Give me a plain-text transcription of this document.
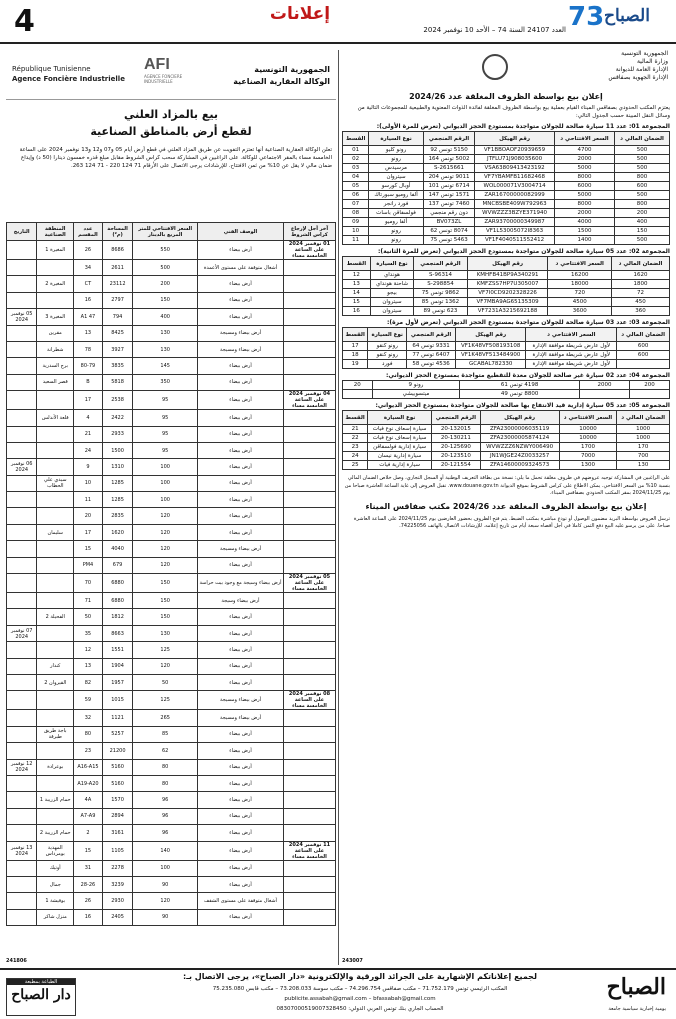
4	إعلانات
العدد 24107 السنة 74 – الأحد 10 نوفمبر 2024 73 الصباح
République Tunisienne
Agence Foncière Industrielle
AFI
AGENCE FONCIERE INDUSTRIELLE
الجمهورية التونسية
الوكالة العقارية الصناعية
بيع بالمزاد العلني
لقطع أرض بالمناطق الصناعية
تعلن الوكالة العقارية الصناعية أنها تعتزم التفويت عن طريق المزاد العلني في قطع أرض أيام 05 و07 و12 و13 نوفمبر 2024 على الساعة الخامسة مساء بالمقر الاجتماعي للوكالة. على الراغبين في المشاركة سحب كراس الشروط مقابل مبلغ قدره خمسون دينارا (50 د) وإيداع ضمان مالي لا يقل عن 10% من ثمن الافتتاح. للإرشادات يرجى الاتصال على الأرقام 71 124 220 - 71 124 263.
آخر أجل لإرجاع كراس الشروط	الوصف الفني	السعر الافتتاحي للمتر المربع بالدينار	المساحة (م²)	عدد المقسم	المنطقة الصناعية	التاريخ
01 نوفمبر 2024 على الساعة الخامسة مساء	أرض بيضاء	550	8686	26	المغيرة 1	
	أشغال متوقفة على مستوى الأعمدة	500	2611	34		
	أرض بيضاء	200	23112	CT	المغيرة 2	
	أرض بيضاء	150	2797	16		
	أرض بيضاء	400	794	47 A1	المغيرة 3	05 نوفمبر 2024
	أرض بيضاء ومسيجة	130	8425	13	مقرين	
	أرض بيضاء ومسيجة	130	3927	78	شطرانة	
	أرض بيضاء	145	3835	80-79	برج السدرية	
	أرض بيضاء	350	5818	B	قصر السعيد	
04 نوفمبر 2024 على الساعة الخامسة مساء	أرض بيضاء	95	2538	17		
	أرض بيضاء	95	2422	4	قلعة الأندلس	
	أرض بيضاء	95	2933	21		
	أرض بيضاء	95	1500	24		
	أرض بيضاء	100	1310	9		06 نوفمبر 2024
	أرض بيضاء	100	1285	10	سيدي علي الحطاب	
	أرض بيضاء	100	1285	11		
	أرض بيضاء	120	2835	20		
	أرض بيضاء	120	1620	17	سليمان	
	أرض بيضاء ومسيجة	120	4040	15		
	أرض بيضاء	120	679	PM4		
05 نوفمبر 2024 على الساعة الخامسة مساء	أرض بيضاء وسيجة مع وجود بيت حراسة	150	6880	70		
	أرض بيضاء وسيجة	150	6880	71		
	أرض بيضاء	150	1812	50	الفحيلة 2	
	أرض بيضاء	130	8663	35		07 نوفمبر 2024
	أرض بيضاء	125	1551	12		
	أرض بيضاء	120	1904	13	كندار	
	أرض بيضاء	50	1957	82	القيروان 2	
08 نوفمبر 2024 على الساعة الخامسة مساء	أرض بيضاء ومسيجة	125	1015	59		
	أرض بيضاء ومسيجة	265	1121	32		
	أرض بيضاء	85	5257	80	باجة طريق طبرقة	
	أرض بيضاء	62	21200	23		
	أرض بيضاء	80	5160	A16-A15	بوعرادة	12 نوفمبر 2024
	أرض بيضاء	80	5160	A19-A20		
	أرض بيضاء	96	1570	4A	حمام الزريبة 1	
	أرض بيضاء	96	2894	A7-A9		
	أرض بيضاء	96	3161	2	حمام الزريبة 2	
11 نوفمبر 2024 على الساعة الخامسة مساء	أرض بيضاء	140	1105	15	المهدية بومرداس	13 نوفمبر 2024
	أرض بيضاء	100	2278	31	أوتيك	
	أرض بيضاء	90	3239	28-26	جمال	
	أشغال متوقفة على مستوى الشقف	120	2930	26	بوفيشة 1	
	أرض بيضاء	90	2405	16	منزل شاكر	
241806
الجمهورية التونسية
وزارة المالية
الإدارة العامة للديوانة
الإدارة الجهوية بصفاقس
إعلان بيع بواسطة الظروف المغلقة عدد 2024/26
يعتزم المكتب الحدودي بصفاقس الميناء القيام بعملية بيع بواسطة الظروف المغلقة لفائدة الذوات المعنوية والطبيعية للمجموعات التالية من وسائل النقل المبينة حسب الجدول التالي:
المجموعة 01: عدد 11 سيارة صالحة للجولان متواجدة بمستودع الحجز الديواني (تعرض للمرة الأولى):
الضمان المالي د	السعر الافتتاحي د	رقم الهيكل	الرقم المنجمي	نوع السيارة	القسط
500	4700	VF1BBOAOF20939659	5150 تونس 92	رونو كليو	01
500	2000	JTFLU71J908035600	5002 تونس 164	رونو	02
500	5000	VSA63809413423192	S-2615661	مرسيدس	03
800	8000	VF7YBAMFB11682468	9011 تونس 204	سيتروان	04
600	6000	WOL000071V3004714	6714 تونس 101	أوبال كورسو	05
500	5000	ZAR16700000082999	1571 تونس 147	ألفا روميو سبورتاك	06
800	8000	MNCBSBE409W792963	7460 تونس 137	فورد رانجر	07
200	2000	WVWZZZ3BZYE371940	دون رقم منجمي	فولسفاقن باسات	08
400	4000	ZAR93700000349987	BV073ZL	ألفا روميو	09
150	1500	VF1L53005072I8363	8074 تونس 62	رونو	10
500	1400	VF1F4040511552412	5463 تونس 75	رونو	11
المجموعة 02: عدد 05 سيارة صالحة للجولان متواجدة بمستودع الحجز الديواني (تعرض للمرة الثانية):
الضمان المالي د	السعر الافتتاحي د	رقم الهيكل	الرقم المنجمي	نوع السيارة	القسط
1620	16200	KMHFB41BP9A340291	S-96314	هونداي	12
1800	18000	KMFZSS7HP7U305007	S-298854	شاحنة هونداي	13
72	720	VF7I0CD9202328226	9862 تونس 75	بيجو	14
450	4500	VF7MBA9AG65135309	1362 تونس 85	سيتروان	15
360	3600	VF7231A3215692188	623 تونس 89	سيتروان	16
المجموعة 03: عدد 03 سيارة صالحة للجولان متواجدة بمستودع الحجز الديواني (تعرض لأول مرة):
الضمان المالي د	السعر الافتتاحي د	رقم الهيكل	الرقم المنجمي	نوع السيارة	القسط
600	لأول عارض شريطة موافقة الإدارة	VF1K48VF508193108	9331 تونس 64	رونو كنقو	17
600	لأول عارض شريطة موافقة الإدارة	VF1K48VF513484900	6407 تونس 77	رونو كنقو	18
	لأول عارض شريطة موافقة الإدارة	GCABAL782330	4536 تونس 58	فورد	19
المجموعة 04: عدد 02 سيارة غير صالحة للجولان معدة للتقطيع متواجدة بمستودع الحجز الديواني:
200	2000	4198 تونس 61	رونو 9	20
		8800 تونس 49	ميتسوبيشي	
المجموعة 05: عدد 05 سيارة إدارية قيد الانتفاع بها صالحة للجولان متواجدة بمستودع الحجز الديواني:
الضمان المالي د	السعر الافتتاحي د	رقم الهيكل	الرقم المنجمي	نوع السيارة	القسط
1000	10000	ZFA23000006035119	20-132015	سيارة إسعاف نوع فيات	21
1000	10000	ZFA23000005874124	20-130211	سيارة إسعاف نوع فيات	22
170	1700	WVWZZZ6NZWY006490	20-125690	سيارة إدارية فولسفاقن	23
700	7000	JN1WJGE24Z0033257	20-123510	سيارة إدارية نيسان	24
130	1300	ZFA14600009324573	20-121554	سيارة إدارية فيات	25
على الراغبين في المشاركة توجيه عروضهم في ظروف مغلقة تحمل ما يلي: نسخة من بطاقة التعريف الوطنية أو السجل التجاري، وصل خلاص الضمان المالي بنسبة 10% من السعر الافتتاحي. يمكن الاطلاع على كراس الشروط بموقع الديوانة www.douane.gov.tn. تقبل العروض إلى غاية الساعة العاشرة صباحا من يوم 2024/11/25 بمقر المكتب الحدودي بصفاقس الميناء.
إعلان بيع بواسطة الظروف المغلقة عدد 2024/26 مكتب صفاقس الميناء
ترسل العروض بواسطة البريد مضمون الوصول أو تودع مباشرة بمكتب الضبط. يتم فتح الظروف بحضور العارضين يوم 2024/11/25 على الساعة العاشرة صباحا. على من يرسو عليه البيع دفع الثمن كاملا في أجل أقصاه سبعة أيام من تاريخ إعلامه. للإرشادات الاتصال بالهاتف 74225056.
243007
الطباعة بمطبعة
دار الصباح
لجميع إعلاناتكم الإشهارية على الجرائد الورقية والإلكترونية «دار الصباح»، يرجى الاتصال بـ:
المكتب الرئيسي تونس 71.752.179 – مكتب صفاقس 74.296.754 – مكتب سوسة 73.208.033 – مكتب قابس 75.235.080
publicite.assabah@gmail.com – bfassabah@gmail.com
الحساب الجاري بنك تونس العربي الدولي: 08307000519007328450
الصباح
يومية إخبارية سياسية جامعة
